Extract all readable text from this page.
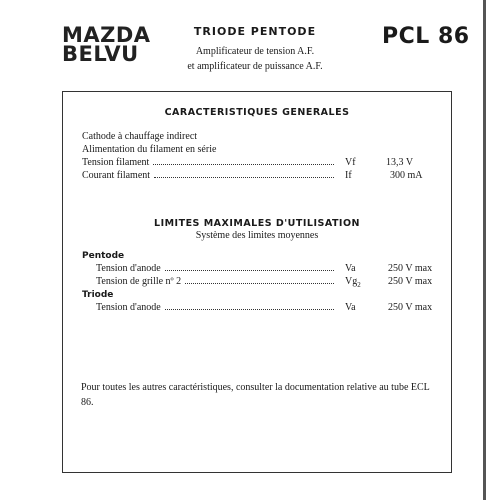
MAZDA
BELVU
TRIODE PENTODE
Amplificateur de tension A.F.
et amplificateur de puissance A.F.
PCL 86
CARACTERISTIQUES GENERALES
Cathode à chauffage indirect
Alimentation du filament en série
Tension filament	Vf	13,3 V
Courant filament	If	300 mA
LIMITES MAXIMALES D'UTILISATION
Système des limites moyennes
Pentode
Tension d'anode	Va	250 V max
Tension de grille nº 2	$Vg_2$	250 V max
Triode
Tension d'anode	Va	250 V max
Pour toutes les autres caractéristiques, consulter la documentation relative au tube ECL 86.
